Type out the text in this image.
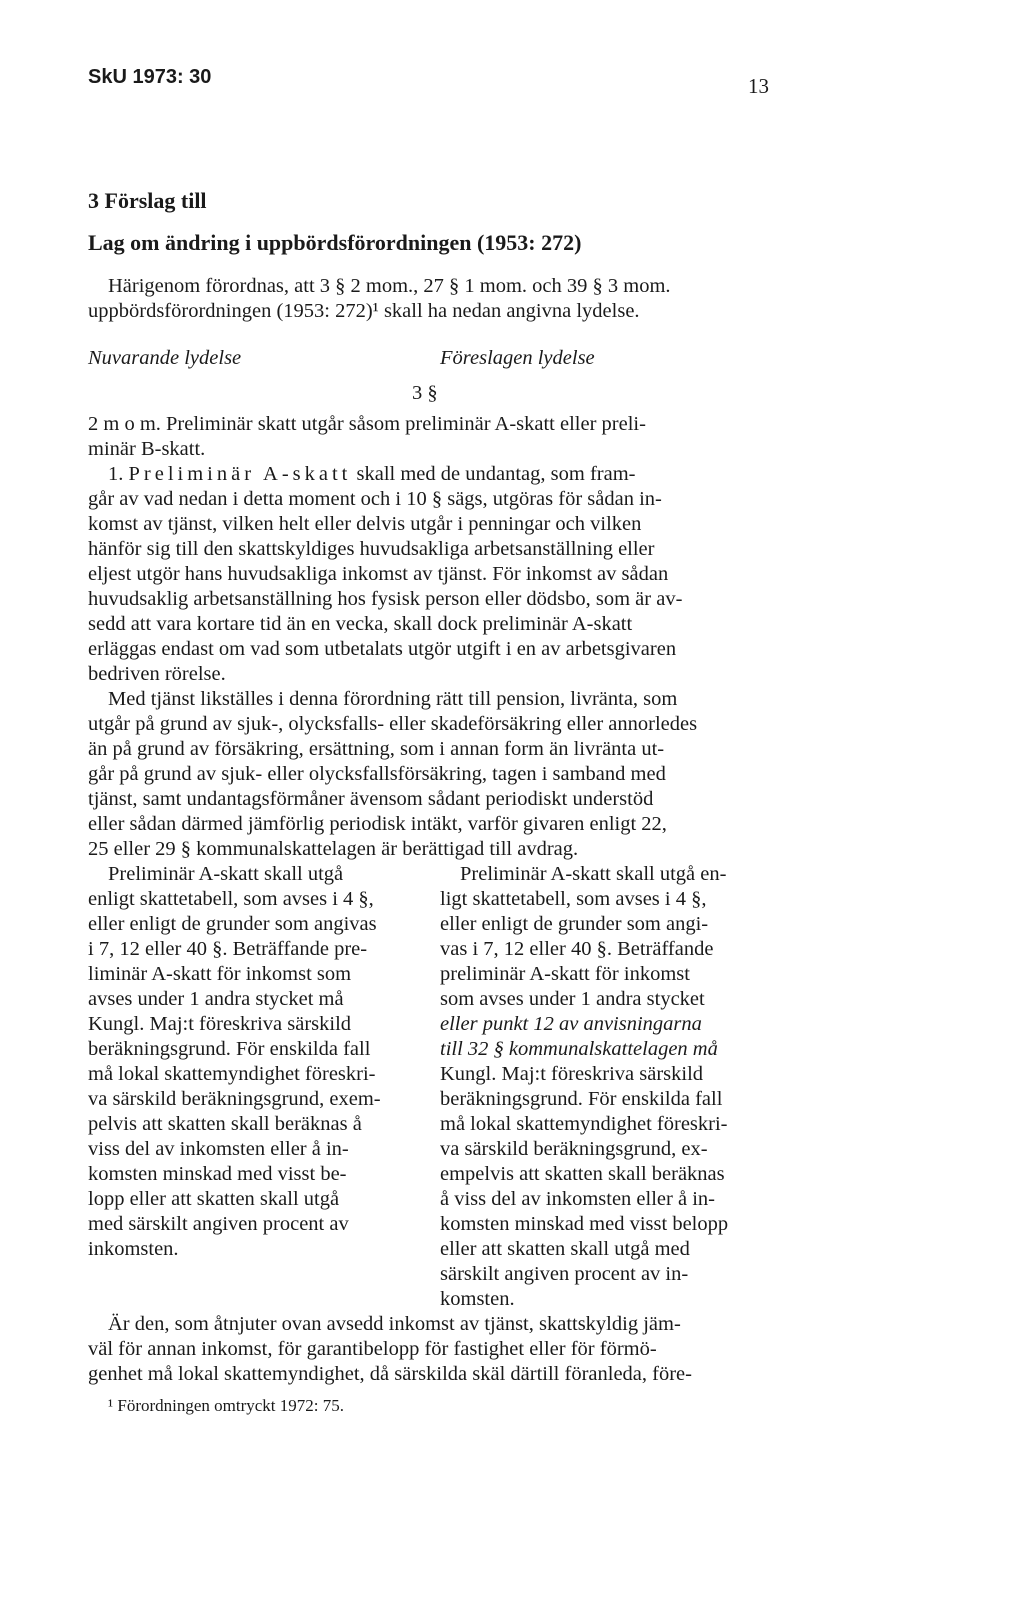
SkU 1973: 30	13
3 Förslag till
Lag om ändring i uppbördsförordningen (1953: 272)
Härigenom förordnas, att 3 § 2 mom., 27 § 1 mom. och 39 § 3 mom.
uppbördsförordningen (1953: 272)¹ skall ha nedan angivna lydelse.
Nuvarande lydelse	Föreslagen lydelse
3 §
2 m o m. Preliminär skatt utgår såsom preliminär A-skatt eller preli-
minär B-skatt.
1. Preliminär A-skatt skall med de undantag, som fram-
går av vad nedan i detta moment och i 10 § sägs, utgöras för sådan in-
komst av tjänst, vilken helt eller delvis utgår i penningar och vilken
hänför sig till den skattskyldiges huvudsakliga arbetsanställning eller
eljest utgör hans huvudsakliga inkomst av tjänst. För inkomst av sådan
huvudsaklig arbetsanställning hos fysisk person eller dödsbo, som är av-
sedd att vara kortare tid än en vecka, skall dock preliminär A-skatt
erläggas endast om vad som utbetalats utgör utgift i en av arbetsgivaren
bedriven rörelse.
Med tjänst likställes i denna förordning rätt till pension, livränta, som
utgår på grund av sjuk-, olycksfalls- eller skadeförsäkring eller annorledes
än på grund av försäkring, ersättning, som i annan form än livränta ut-
går på grund av sjuk- eller olycksfallsförsäkring, tagen i samband med
tjänst, samt undantagsförmåner ävensom sådant periodiskt understöd
eller sådan därmed jämförlig periodisk intäkt, varför givaren enligt 22,
25 eller 29 § kommunalskattelagen är berättigad till avdrag.
Preliminär A-skatt skall utgå
enligt skattetabell, som avses i 4 §,
eller enligt de grunder som angivas
i 7, 12 eller 40 §. Beträffande pre-
liminär A-skatt för inkomst som
avses under 1 andra stycket må
Kungl. Maj:t föreskriva särskild
beräkningsgrund. För enskilda fall
må lokal skattemyndighet föreskri-
va särskild beräkningsgrund, exem-
pelvis att skatten skall beräknas å
viss del av inkomsten eller å in-
komsten minskad med visst be-
lopp eller att skatten skall utgå
med särskilt angiven procent av
inkomsten.
Preliminär A-skatt skall utgå en-
ligt skattetabell, som avses i 4 §,
eller enligt de grunder som angi-
vas i 7, 12 eller 40 §. Beträffande
preliminär A-skatt för inkomst
som avses under 1 andra stycket
eller punkt 12 av anvisningarna
till 32 § kommunalskattelagen må
Kungl. Maj:t föreskriva särskild
beräkningsgrund. För enskilda fall
må lokal skattemyndighet föreskri-
va särskild beräkningsgrund, ex-
empelvis att skatten skall beräknas
å viss del av inkomsten eller å in-
komsten minskad med visst belopp
eller att skatten skall utgå med
särskilt angiven procent av in-
komsten.
Är den, som åtnjuter ovan avsedd inkomst av tjänst, skattskyldig jäm-
väl för annan inkomst, för garantibelopp för fastighet eller för förmö-
genhet må lokal skattemyndighet, då särskilda skäl därtill föranleda, före-
¹ Förordningen omtryckt 1972: 75.
